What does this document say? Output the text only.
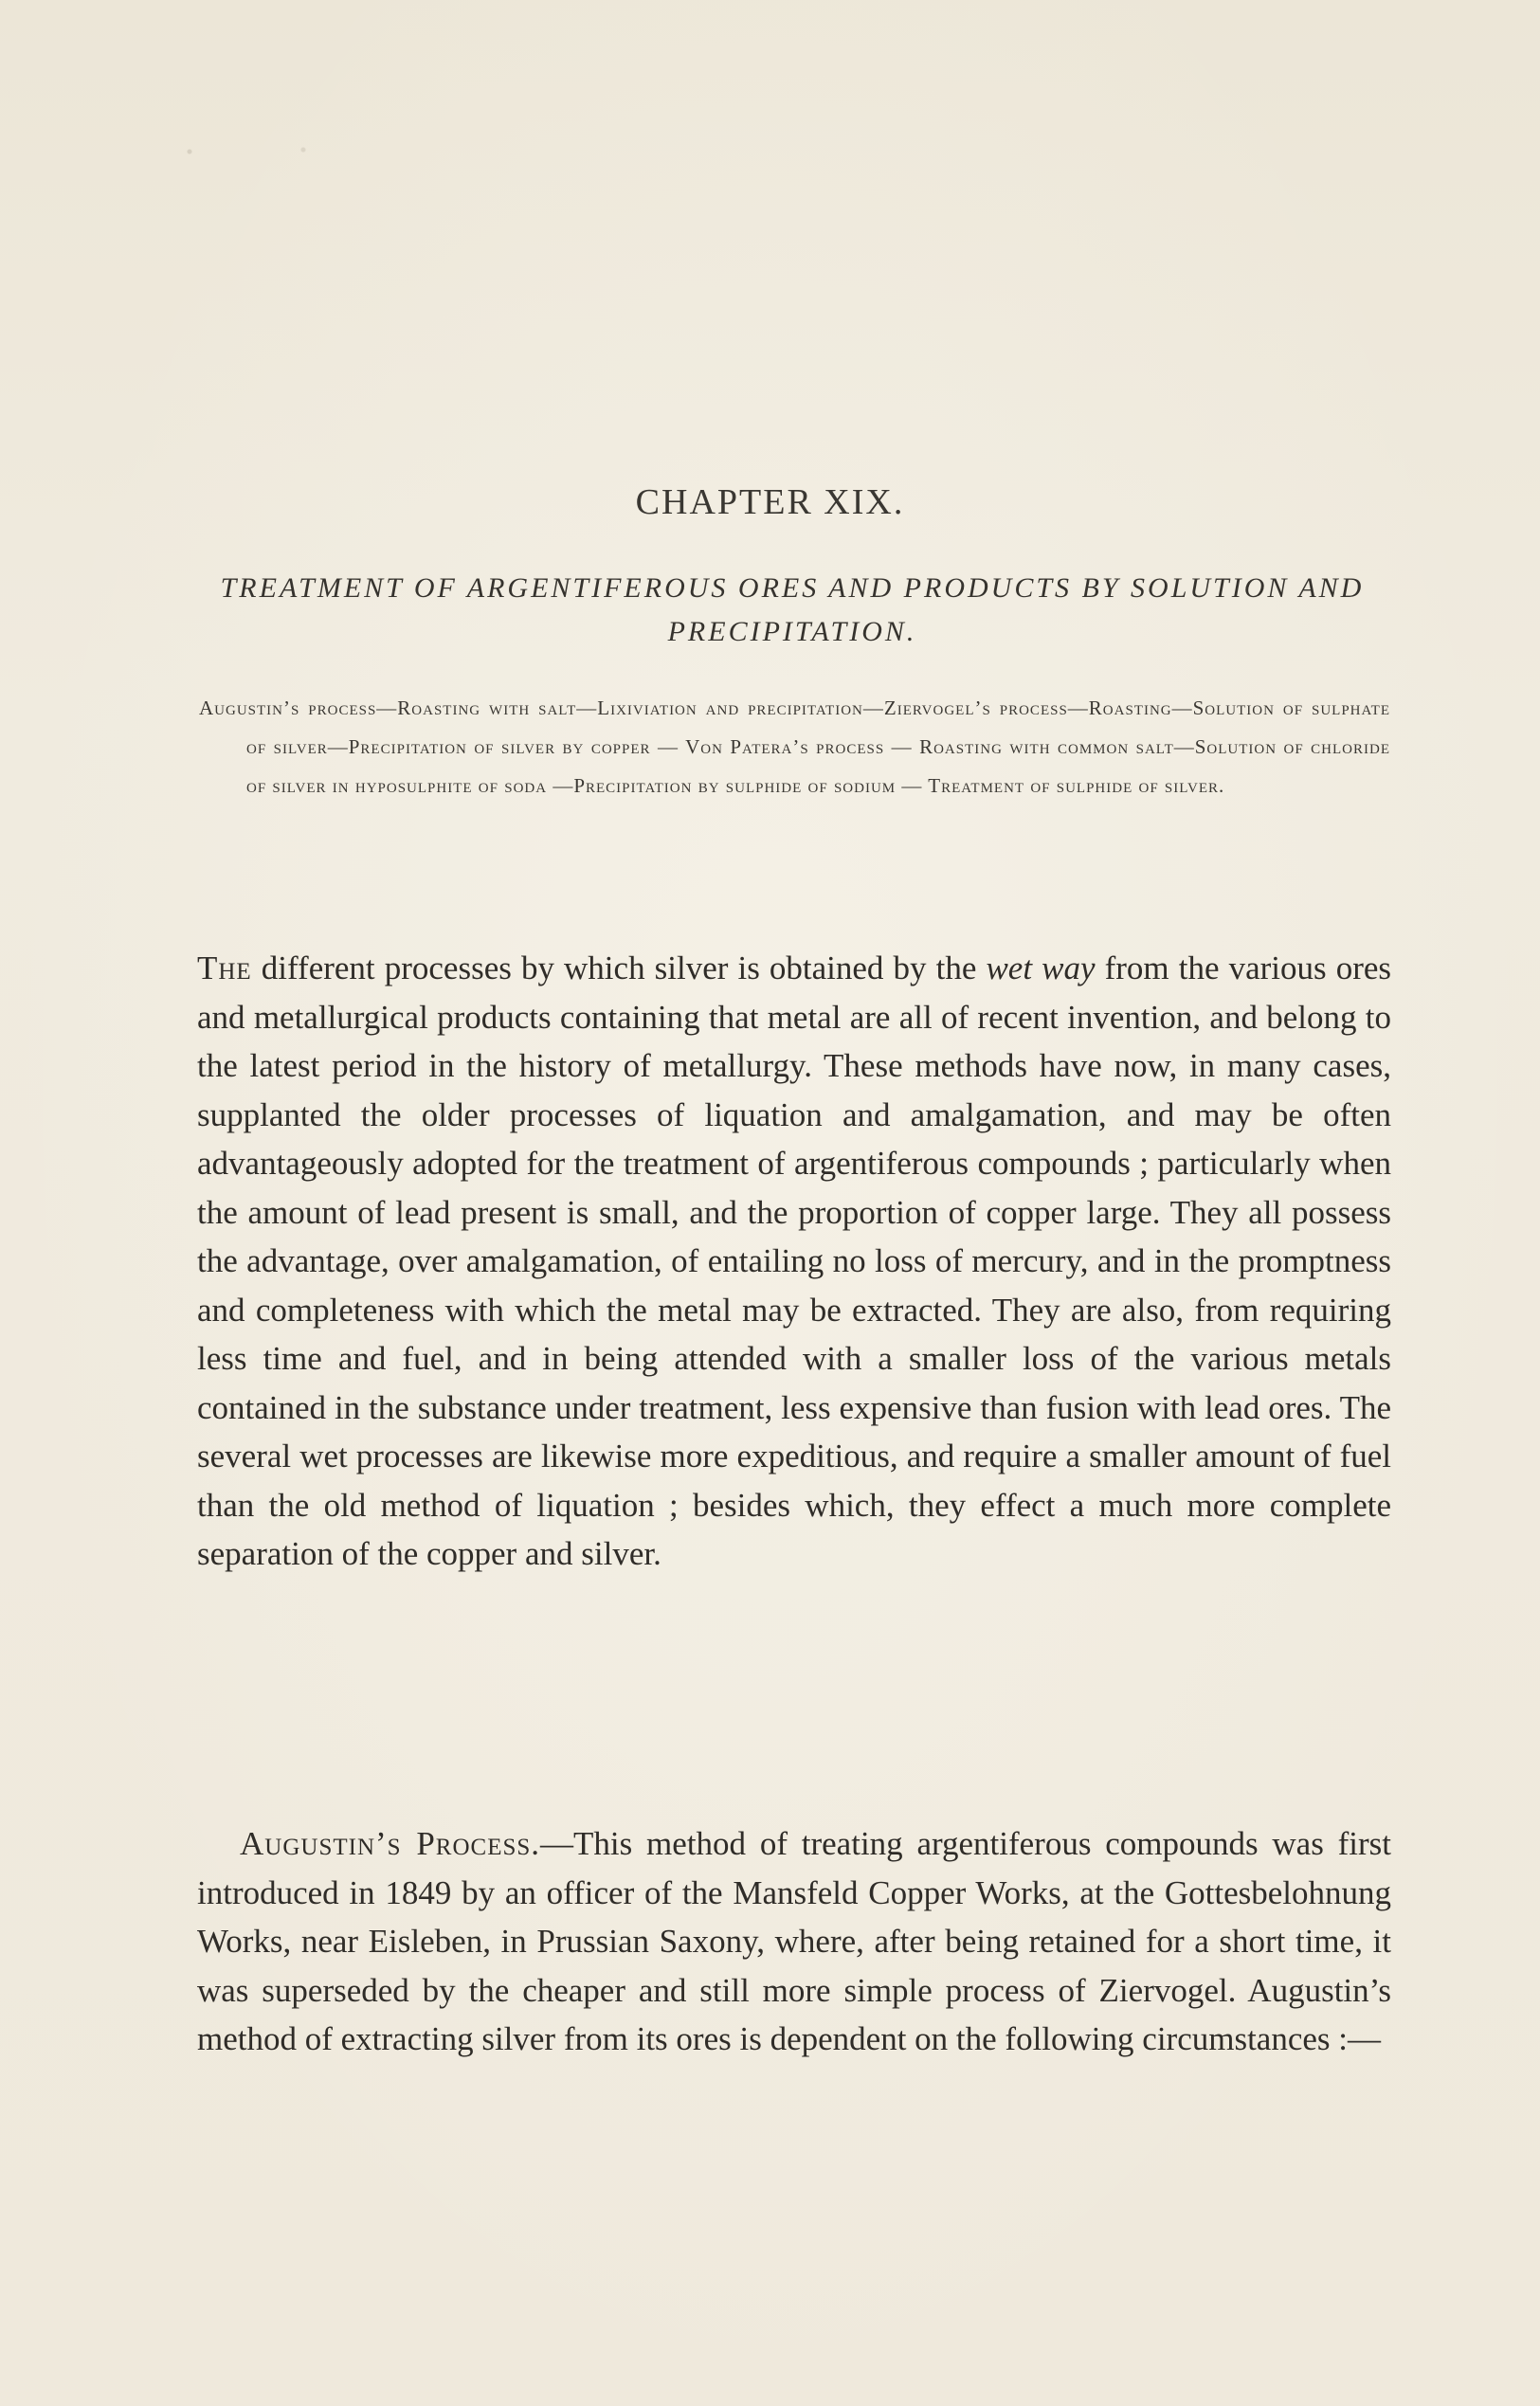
CHAPTER XIX.
TREATMENT OF ARGENTIFEROUS ORES AND PRODUCTS BY SOLUTION AND PRECIPITATION.

Augustin’s process—Roasting with salt—Lixiviation and precipitation—Ziervogel’s process—Roasting—Solution of sulphate of silver—Precipitation of silver by copper — Von Patera’s process — Roasting with common salt—Solution of chloride of silver in hyposulphite of soda —Precipitation by sulphide of sodium — Treatment of sulphide of silver.

The different processes by which silver is obtained by the wet way from the various ores and metallurgical products containing that metal are all of recent invention, and belong to the latest period in the history of metallurgy. These methods have now, in many cases, supplanted the older processes of liquation and amalgamation, and may be often advantageously adopted for the treatment of argentiferous compounds ; particularly when the amount of lead present is small, and the proportion of copper large. They all possess the advantage, over amalgamation, of entailing no loss of mercury, and in the promptness and completeness with which the metal may be extracted. They are also, from requiring less time and fuel, and in being attended with a smaller loss of the various metals contained in the substance under treatment, less expensive than fusion with lead ores. The several wet processes are likewise more expeditious, and require a smaller amount of fuel than the old method of liquation ; besides which, they effect a much more complete separation of the copper and silver.

Augustin’s Process.—This method of treating argentiferous compounds was first introduced in 1849 by an officer of the Mansfeld Copper Works, at the Gottesbelohnung Works, near Eisleben, in Prussian Saxony, where, after being retained for a short time, it was superseded by the cheaper and still more simple process of Ziervogel. Augustin’s method of extracting silver from its ores is dependent on the following circumstances :—
